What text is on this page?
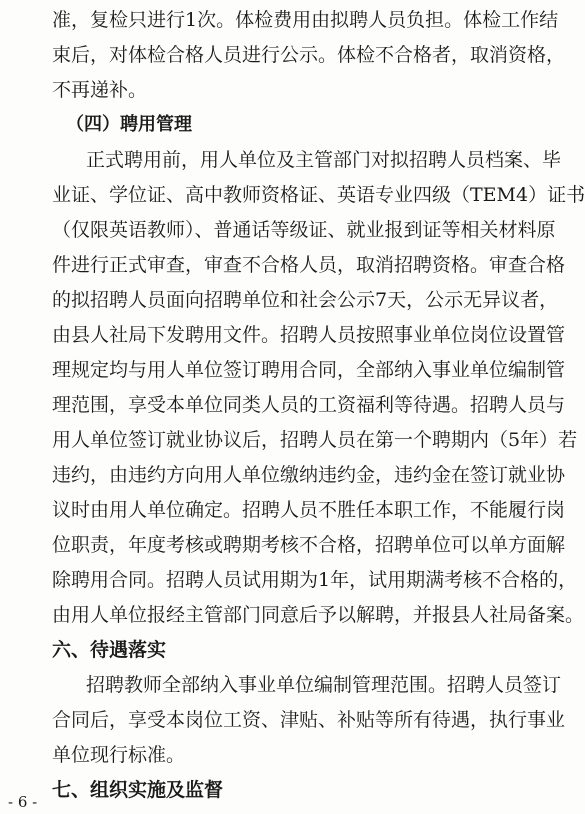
准，复检只进行1次。体检费用由拟聘人员负担。体检工作结
束后，对体检合格人员进行公示。体检不合格者，取消资格，
不再递补。
（四）聘用管理
正式聘用前，用人单位及主管部门对拟招聘人员档案、毕
业证、学位证、高中教师资格证、英语专业四级（TEM4）证书
（仅限英语教师）、普通话等级证、就业报到证等相关材料原
件进行正式审查，审查不合格人员，取消招聘资格。审查合格
的拟招聘人员面向招聘单位和社会公示7天，公示无异议者，
由县人社局下发聘用文件。招聘人员按照事业单位岗位设置管
理规定均与用人单位签订聘用合同，全部纳入事业单位编制管
理范围，享受本单位同类人员的工资福利等待遇。招聘人员与
用人单位签订就业协议后，招聘人员在第一个聘期内（5年）若
违约，由违约方向用人单位缴纳违约金，违约金在签订就业协
议时由用人单位确定。招聘人员不胜任本职工作，不能履行岗
位职责，年度考核或聘期考核不合格，招聘单位可以单方面解
除聘用合同。招聘人员试用期为1年，试用期满考核不合格的，
由用人单位报经主管部门同意后予以解聘，并报县人社局备案。
六、待遇落实
招聘教师全部纳入事业单位编制管理范围。招聘人员签订
合同后，享受本岗位工资、津贴、补贴等所有待遇，执行事业
单位现行标准。
七、组织实施及监督
- 6 -
